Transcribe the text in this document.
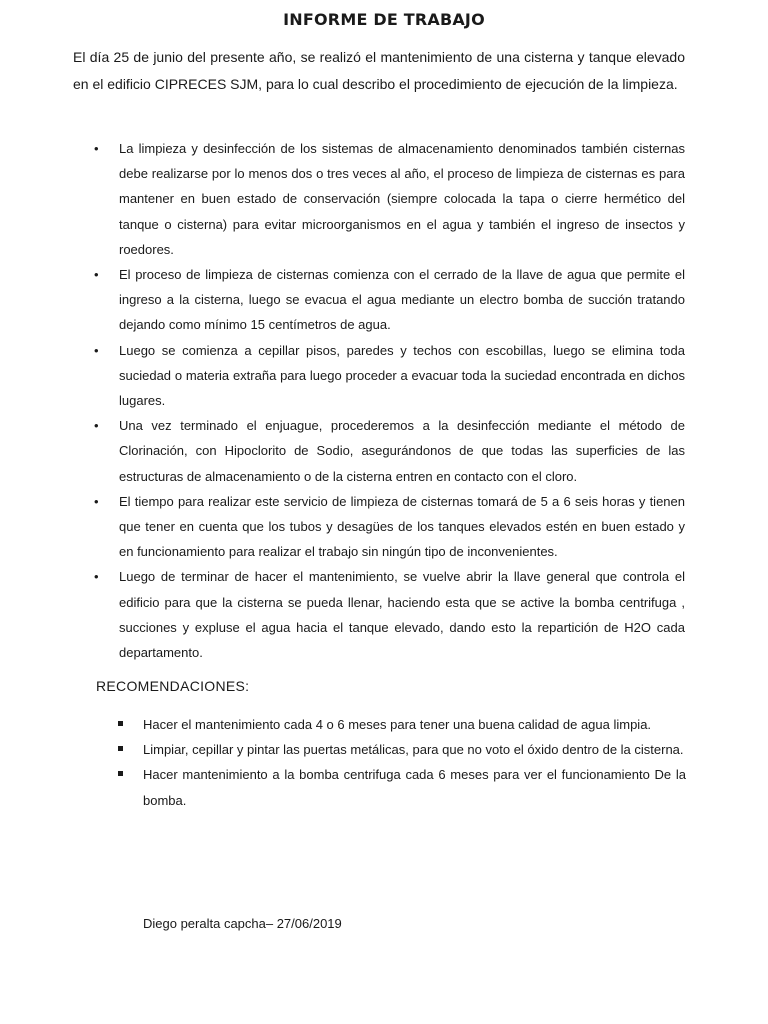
INFORME DE TRABAJO
El día 25 de junio del presente año, se realizó el mantenimiento de una cisterna y tanque elevado en el edificio CIPRECES SJM, para lo cual describo el procedimiento de ejecución de la limpieza.
• La limpieza y desinfección de los sistemas de almacenamiento denominados también cisternas debe realizarse por lo menos dos o tres veces al año, el proceso de limpieza de cisternas es para mantener en buen estado de conservación (siempre colocada la tapa o cierre hermético del tanque o cisterna) para evitar microorganismos en el agua y también el ingreso de insectos y roedores.
• El proceso de limpieza de cisternas comienza con el cerrado de la llave de agua que permite el ingreso a la cisterna, luego se evacua el agua mediante un electro bomba de succión tratando dejando como mínimo 15 centímetros de agua.
• Luego se comienza a cepillar pisos, paredes y techos con escobillas, luego se elimina toda suciedad o materia extraña para luego proceder a evacuar toda la suciedad encontrada en dichos lugares.
• Una vez terminado el enjuague, procederemos a la desinfección mediante el método de Clorinación, con Hipoclorito de Sodio, asegurándonos de que todas las superficies de las estructuras de almacenamiento o de la cisterna entren en contacto con el cloro.
• El tiempo para realizar este servicio de limpieza de cisternas tomará de 5 a 6 seis horas y tienen que tener en cuenta que los tubos y desagües de los tanques elevados estén en buen estado y en funcionamiento para realizar el trabajo sin ningún tipo de inconvenientes.
• Luego de terminar de hacer el mantenimiento, se vuelve abrir la llave general que controla el edificio para que la cisterna se pueda llenar, haciendo esta que se active la bomba centrifuga , succiones y expluse el agua hacia el tanque elevado, dando esto la repartición de H2O cada departamento.
RECOMENDACIONES:
Hacer el mantenimiento cada 4 o 6 meses para tener una buena calidad de agua limpia.
Limpiar, cepillar y pintar las puertas metálicas, para que no voto el óxido dentro de la cisterna.
Hacer mantenimiento a la bomba centrifuga cada 6 meses para ver el funcionamiento De la bomba.
Diego peralta capcha– 27/06/2019
